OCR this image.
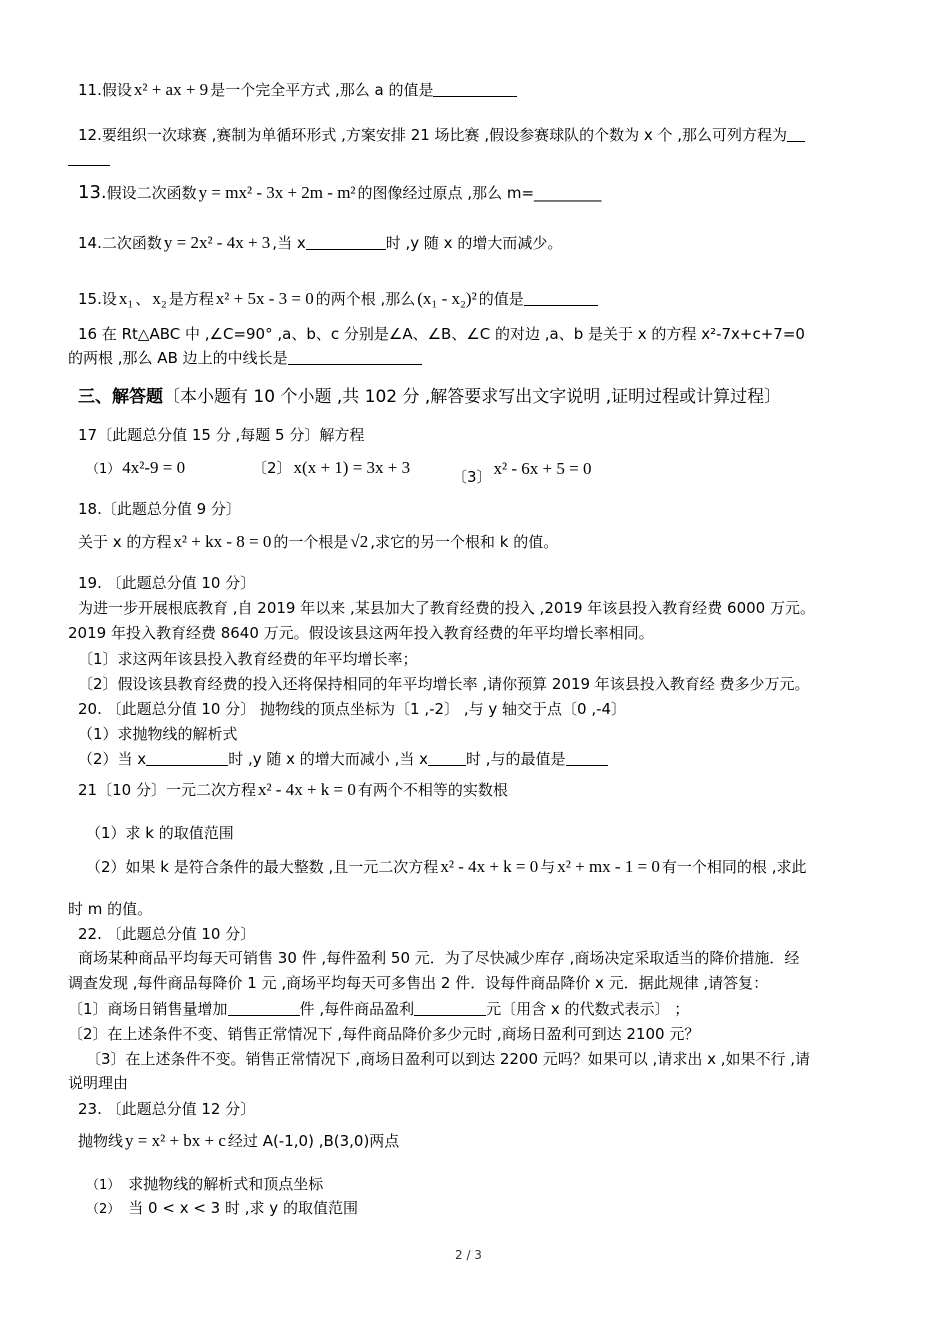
11.假设 x² + ax + 9 是一个完全平方式 ,那么 a 的值是
12.要组织一次球赛 ,赛制为单循环形式 ,方案安排 21 场比赛 ,假设参赛球队的个数为 x 个 ,那么可列方程为
13.假设二次函数 y = mx² - 3x + 2m - m² 的图像经过原点 ,那么 m=_________
14.二次函数 y = 2x² - 4x + 3 ,当 x	时 ,y 随 x 的增大而减少。
15.设 x₁ 、 x₂ 是方程 x² + 5x - 3 = 0 的两个根 ,那么 (x₁ - x₂)² 的值是
16 在 Rt△ABC 中 ,∠C=90° ,a、b、c 分别是∠A、∠B、∠C 的对边 ,a、b 是关于 x 的方程 x²-7x+c+7=0
的两根 ,那么 AB 边上的中线长是
三、解答题〔本小题有 10 个小题 ,共 102 分 ,解答要求写出文字说明 ,证明过程或计算过程〕
17〔此题总分值 15 分 ,每题 5 分〕解方程
（1） 4x²-9 = 0	〔2〕 x(x + 1) = 3x + 3	〔3〕 x² - 6x + 5 = 0
18.〔此题总分值 9 分〕
关于 x 的方程 x² + kx - 8 = 0 的一个根是 √2 ,求它的另一个根和 k 的值。
19. 〔此题总分值 10 分〕
为进一步开展根底教育 ,自 2019 年以来 ,某县加大了教育经费的投入 ,2019 年该县投入教育经费 6000 万元。
2019 年投入教育经费 8640 万元。假设该县这两年投入教育经费的年平均增长率相同。
〔1〕求这两年该县投入教育经费的年平均增长率；
〔2〕假设该县教育经费的投入还将保持相同的年平均增长率 ,请你预算 2019 年该县投入教育经 费多少万元。
20. 〔此题总分值 10 分〕 抛物线的顶点坐标为〔1 ,-2〕 ,与 y 轴交于点〔0 ,-4〕
（1）求抛物线的解析式
（2）当 x	时 ,y 随 x 的增大而减小 ,当 x	时 ,与的最值是
21〔10 分〕一元二次方程 x² - 4x + k = 0 有两个不相等的实数根
（1）求 k 的取值范围
（2）如果 k 是符合条件的最大整数 ,且一元二次方程 x² - 4x + k = 0 与 x² + mx - 1 = 0 有一个相同的根 ,求此
时 m 的值。
22. 〔此题总分值 10 分〕
商场某种商品平均每天可销售 30 件 ,每件盈利 50 元．为了尽快减少库存 ,商场决定采取适当的降价措施．经
调查发现 ,每件商品每降价 1 元 ,商场平均每天可多售出 2 件．设每件商品降价 x 元．据此规律 ,请答复：
〔1〕商场日销售量增加	件 ,每件商品盈利	元〔用含 x 的代数式表示〕 ；
〔2〕在上述条件不变、销售正常情况下 ,每件商品降价多少元时 ,商场日盈利可到达 2100 元？
〔3〕在上述条件不变。销售正常情况下 ,商场日盈利可以到达 2200 元吗？如果可以 ,请求出 x ,如果不行 ,请
说明理由
23. 〔此题总分值 12 分〕
抛物线 y = x² + bx + c 经过 A(-1,0) ,B(3,0)两点
（1） 求抛物线的解析式和顶点坐标
（2） 当 0 < x < 3 时 ,求 y 的取值范围
2 / 3
